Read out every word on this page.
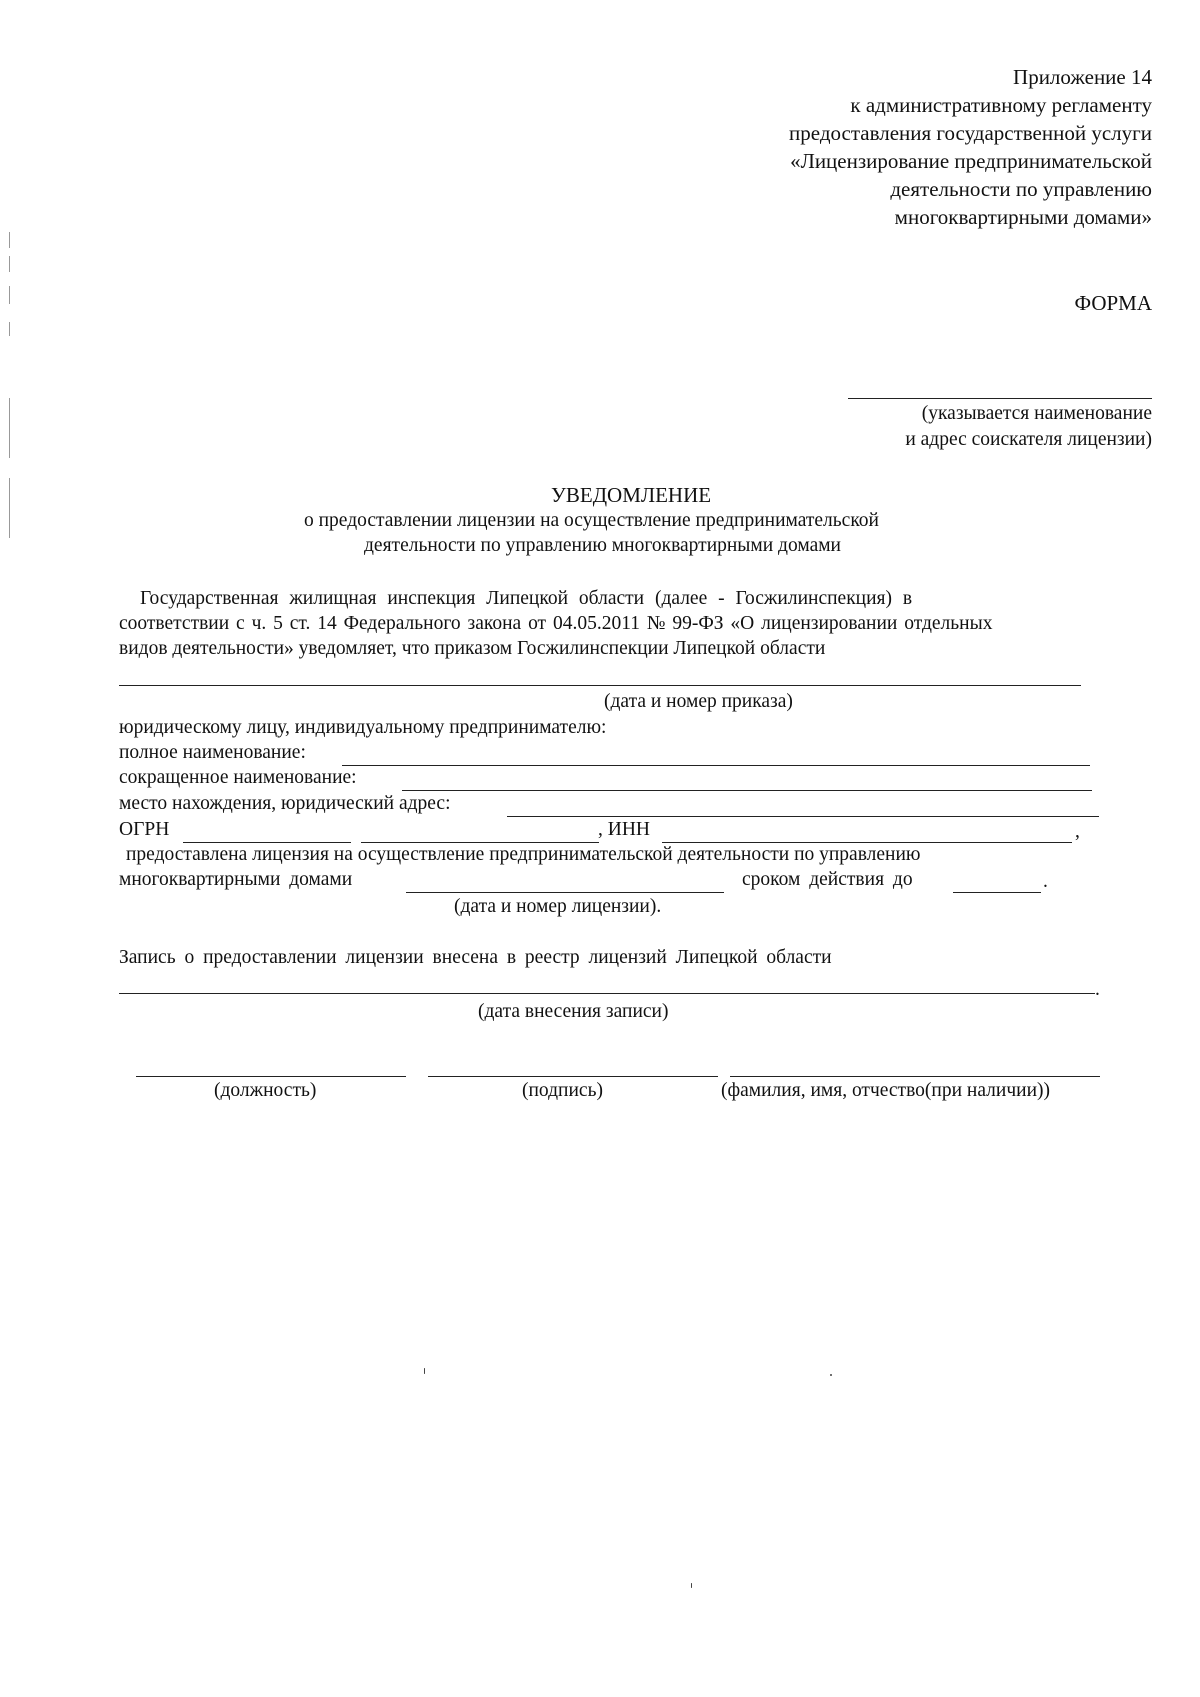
Приложение 14
к административному регламенту
предоставления государственной услуги
«Лицензирование предпринимательской
деятельности по управлению
многоквартирными домами»
ФОРМА
(указывается наименование
и адрес соискателя лицензии)
УВЕДОМЛЕНИЕ
о предоставлении лицензии на осуществление предпринимательской
деятельности по управлению многоквартирными домами
Государственная жилищная инспекция Липецкой области (далее - Госжилинспекция) в
соответствии с ч. 5 ст. 14 Федерального закона от 04.05.2011 № 99-ФЗ «О лицензировании отдельных
видов деятельности» уведомляет, что приказом Госжилинспекции Липецкой области
(дата и номер приказа)
юридическому лицу, индивидуальному предпринимателю:
полное наименование:
сокращенное наименование:
место нахождения, юридический адрес:
ОГРН	, ИНН	,
предоставлена лицензия на осуществление предпринимательской деятельности по управлению
многоквартирными домами	сроком действия до	.
(дата и номер лицензии).
Запись о предоставлении лицензии внесена в реестр лицензий Липецкой области
.
(дата внесения записи)
(должность)	(подпись)	(фамилия, имя, отчество(при наличии))
